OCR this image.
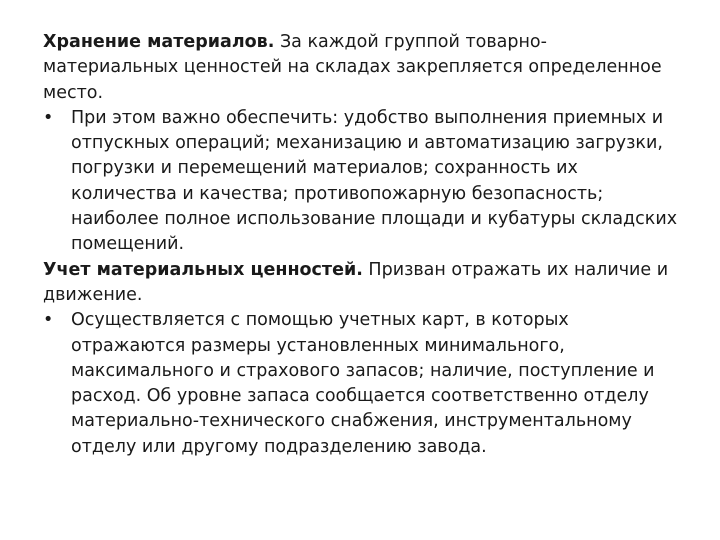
Хранение материалов. За каждой группой товарно-материальных ценностей на складах закрепляется определенное место.

•	При этом важно обеспечить: удобство выполнения приемных и отпускных операций; механизацию и автоматизацию загрузки, погрузки и перемещений материалов; сохранность их количества и качества; противопожарную безопасность; наиболее полное использование площади и кубатуры складских помещений.

Учет материальных ценностей. Призван отражать их наличие и движение.

•	Осуществляется с помощью учетных карт, в которых отражаются размеры установленных минимального, максимального и страхового запасов; наличие, поступление и расход. Об уровне запаса сообщается соответственно отделу материально-технического снабжения, инструментальному отделу или другому подразделению завода.
